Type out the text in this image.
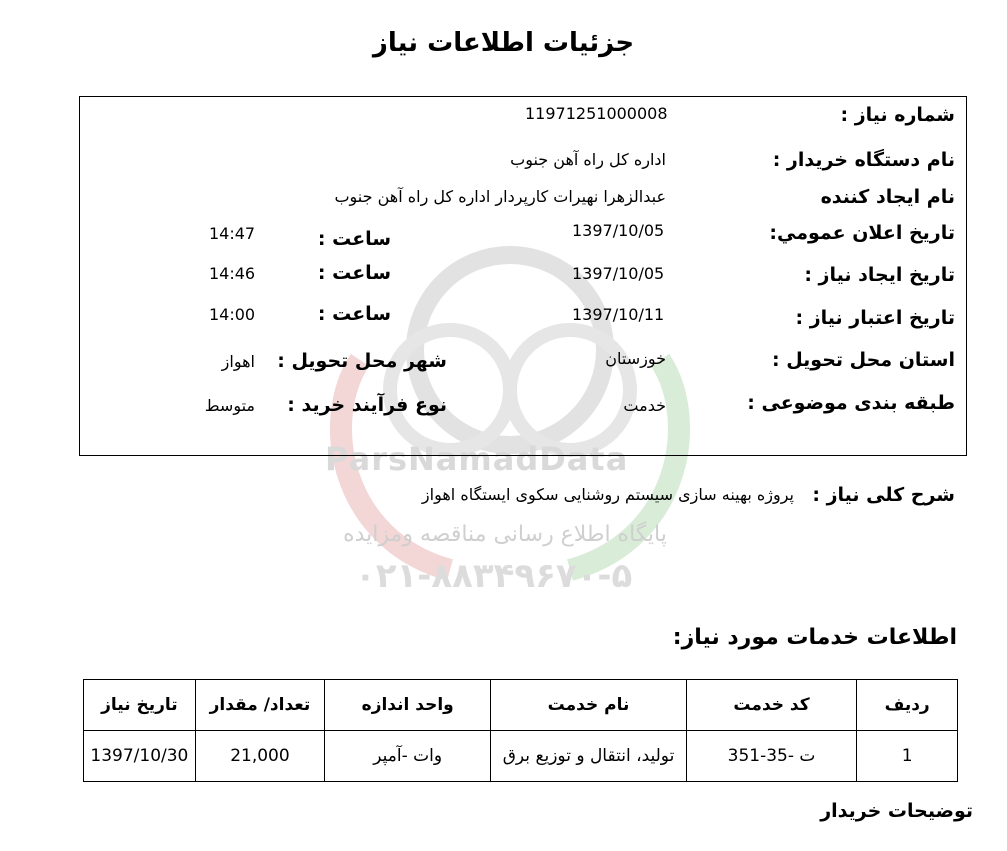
ParsNamadData
پایگاه اطلاع رسانی مناقصه ومزایده
۰۲۱-۸۸۳۴۹۶۷۰-۵
جزئیات اطلاعات نیاز
شماره نیاز :
11971251000008
نام دستگاه خریدار :
اداره کل راه آهن جنوب
نام ایجاد کننده
عبدالزهرا نهیرات کارپردار اداره کل راه آهن جنوب
تاریخ اعلان عمومي:
1397/10/05
ساعت :
14:47
تاریخ ایجاد نیاز :
1397/10/05
ساعت :
14:46
تاریخ اعتبار نیاز :
1397/10/11
ساعت :
14:00
استان محل تحویل :
خوزستان
شهر محل تحویل :
اهواز
طبقه بندی موضوعی :
خدمت
نوع فرآیند خرید :
متوسط
شرح کلی نیاز :
پروژه بهینه سازی سیستم روشنایی سکوی ایستگاه اهواز
اطلاعات خدمات مورد نیاز:
ردیف	کد خدمت	نام خدمت	واحد اندازه	تعداد/ مقدار	تاریخ نیاز
1	ت -35-351	تولید، انتقال و توزیع برق	وات -آمپر	21,000	1397/10/30
توضیحات خریدار
